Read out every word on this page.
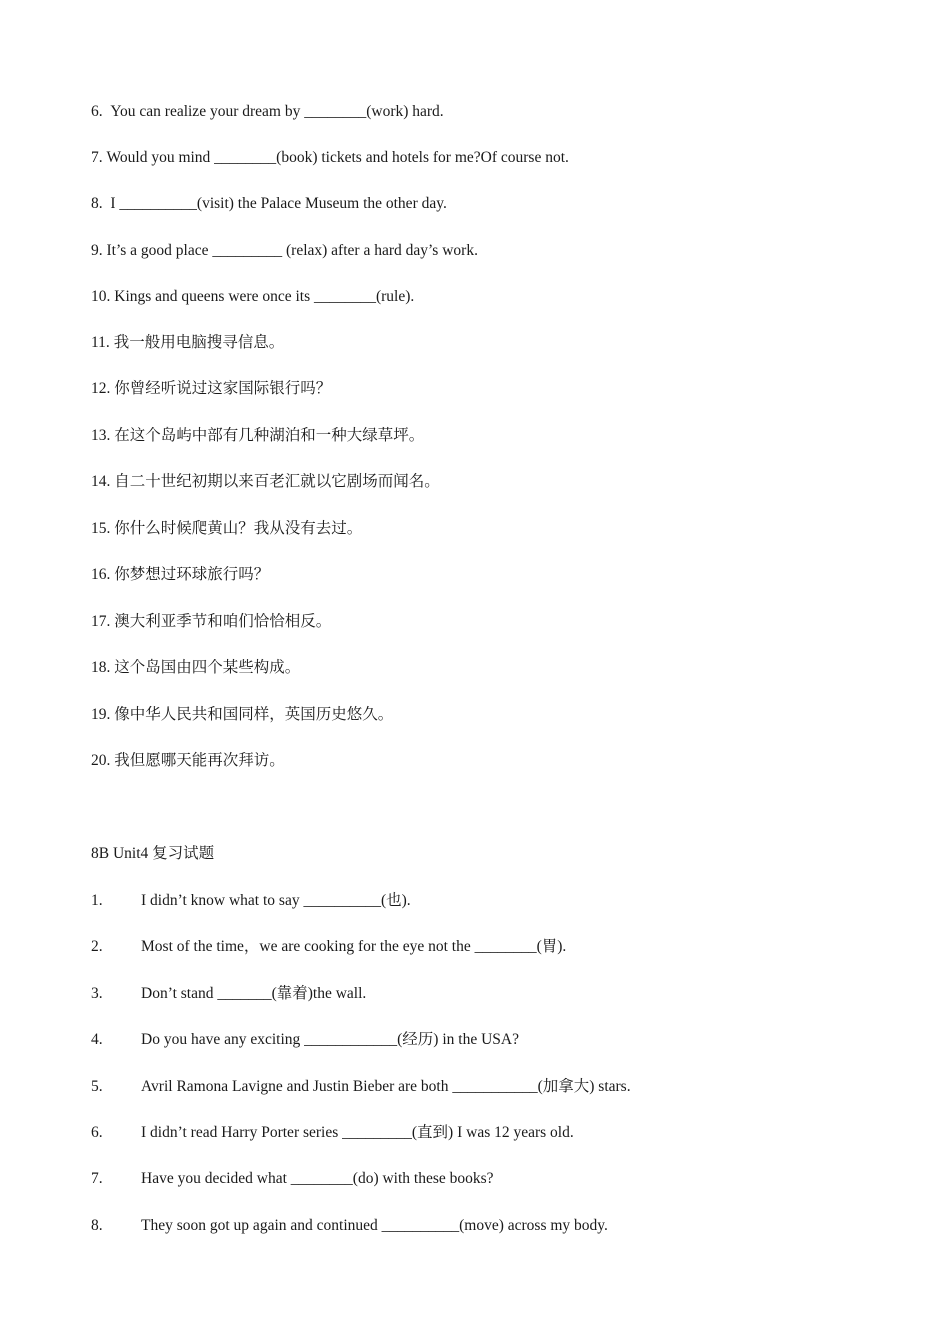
6.  You can realize your dream by ________(work) hard.
7. Would you mind ________(book) tickets and hotels for me?Of course not.
8.  I __________(visit) the Palace Museum the other day.
9. It’s a good place _________ (relax) after a hard day’s work.
10. Kings and queens were once its ________(rule).
11. 我一般用电脑搜寻信息。
12. 你曾经听说过这家国际银行吗？
13. 在这个岛屿中部有几种湖泊和一种大绿草坪。
14. 自二十世纪初期以来百老汇就以它剧场而闻名。
15. 你什么时候爬黄山？我从没有去过。
16. 你梦想过环球旅行吗？
17. 澳大利亚季节和咱们恰恰相反。
18. 这个岛国由四个某些构成。
19. 像中华人民共和国同样，英国历史悠久。
20. 我但愿哪天能再次拜访。
8B Unit4 复习试题
1. I didn’t know what to say __________(也).
2. Most of the time，we are cooking for the eye not the ________(胃).
3. Don’t stand _______(靠着)the wall.
4. Do you have any exciting ____________(经历) in the USA?
5. Avril Ramona Lavigne and Justin Bieber are both ___________(加拿大) stars.
6. I didn’t read Harry Porter series _________(直到) I was 12 years old.
7. Have you decided what ________(do) with these books?
8. They soon got up again and continued __________(move) across my body.
